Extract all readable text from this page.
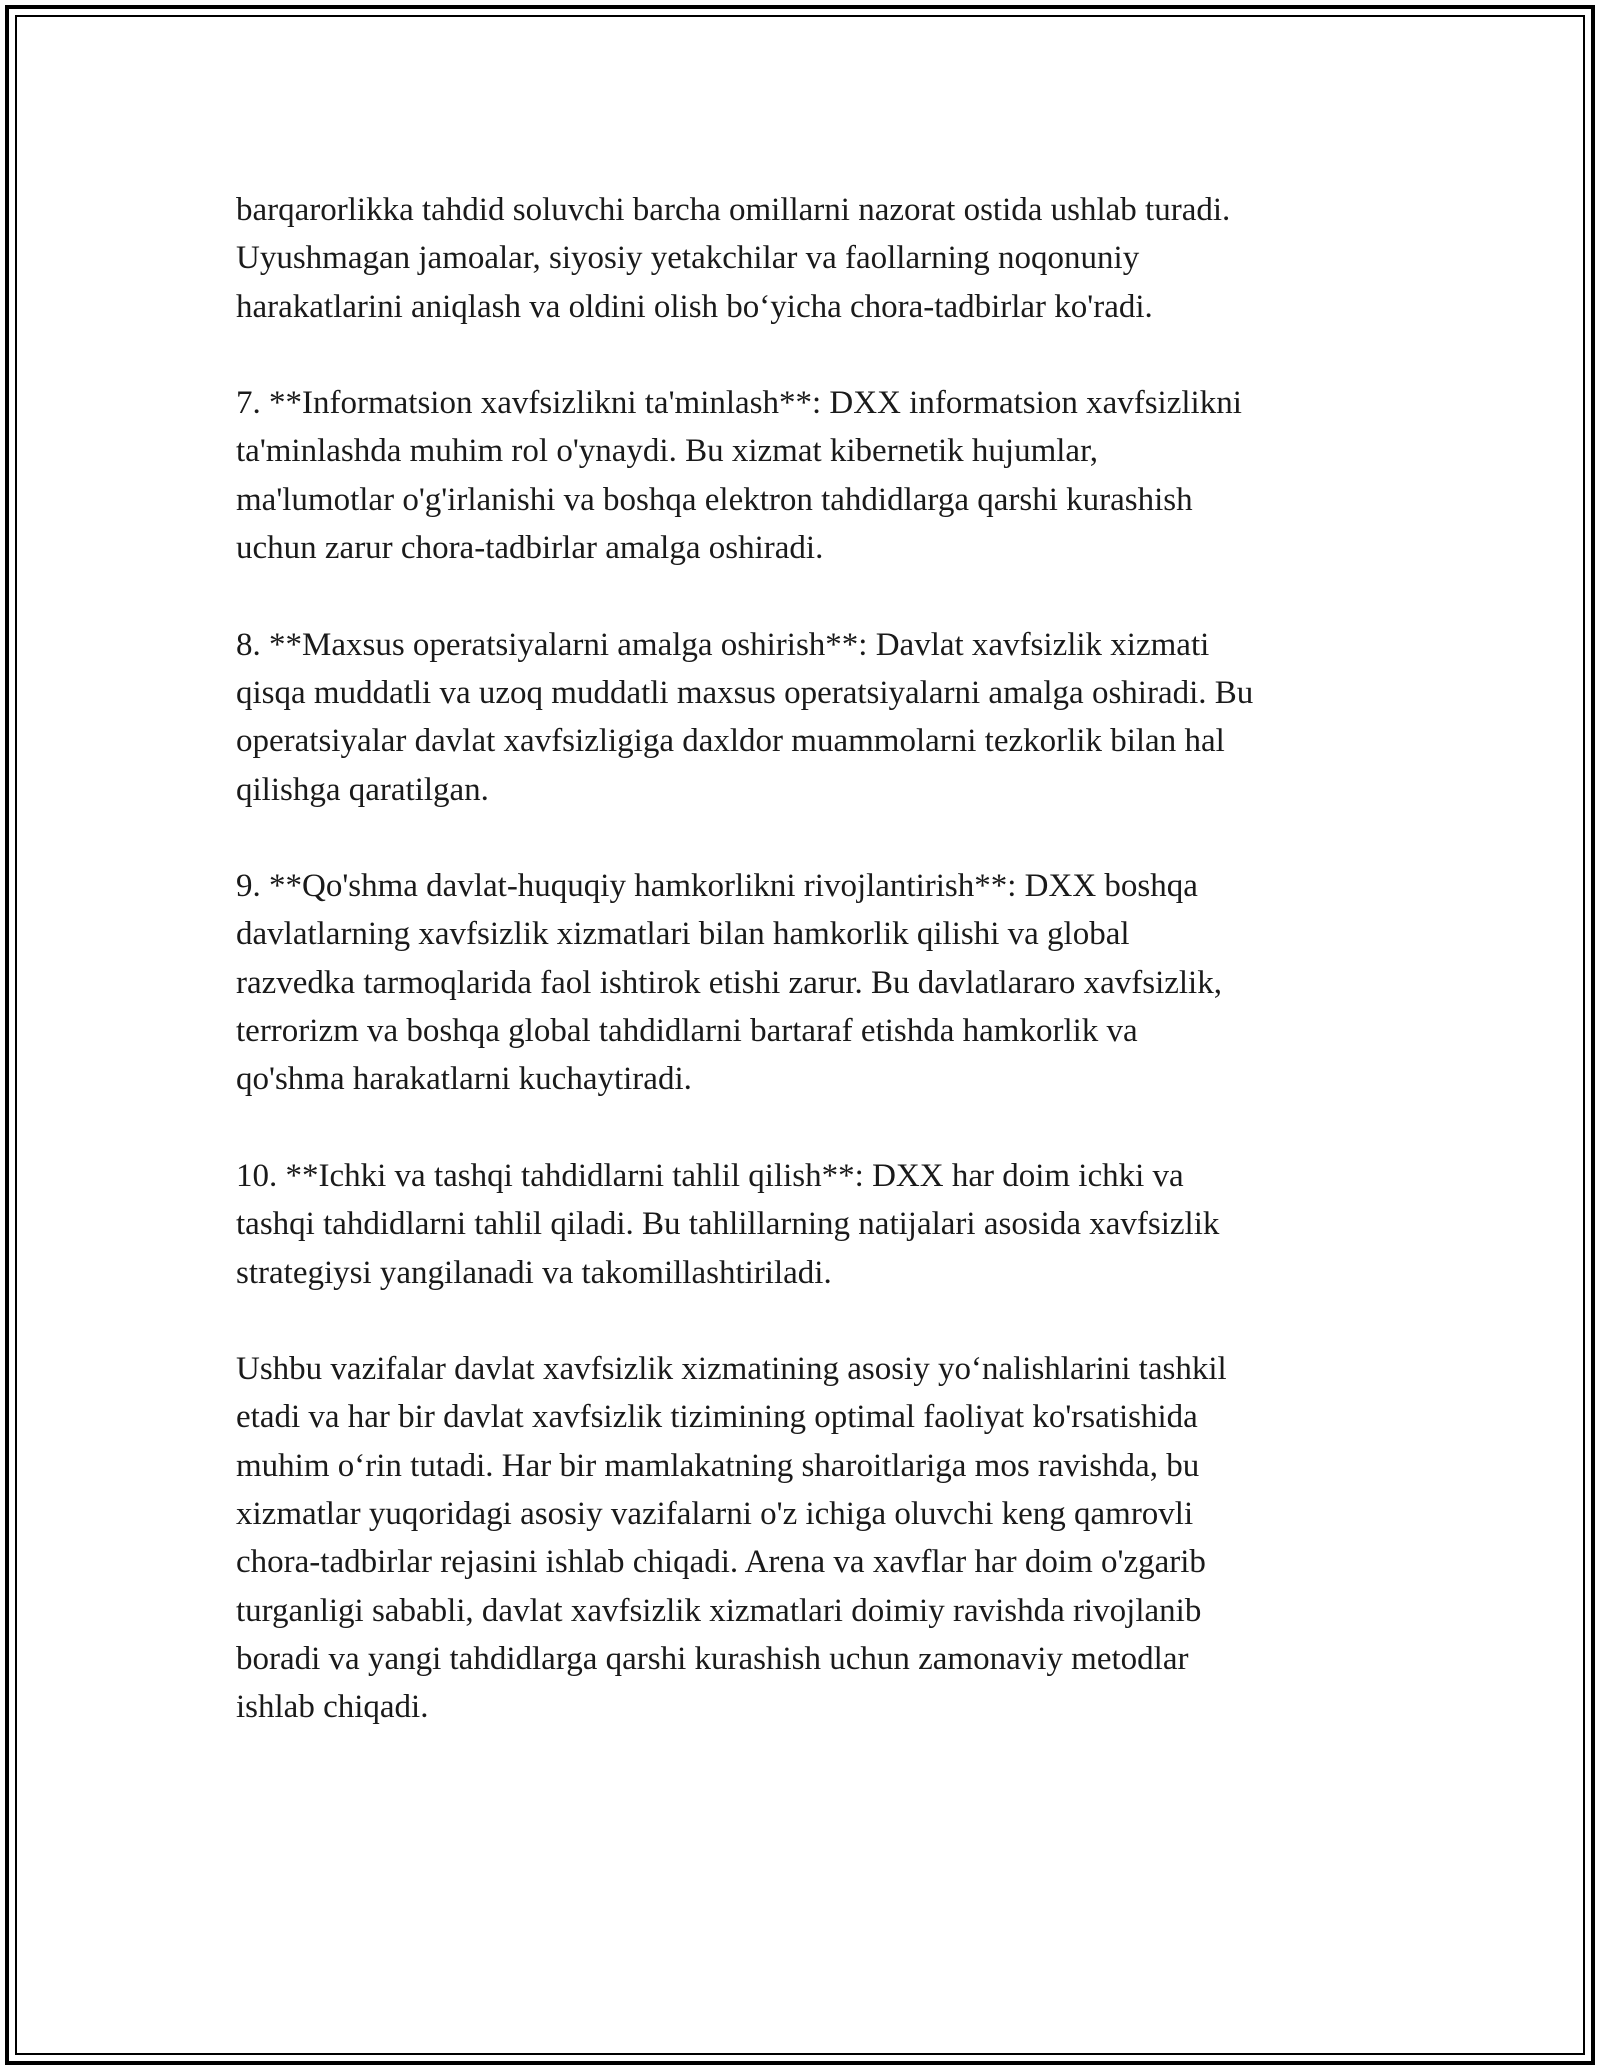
barqarorlikka tahdid soluvchi barcha omillarni nazorat ostida ushlab turadi.
Uyushmagan jamoalar, siyosiy yetakchilar va faollarning noqonuniy
harakatlarini aniqlash va oldini olish bo‘yicha chora-tadbirlar ko'radi.

7. **Informatsion xavfsizlikni ta'minlash**: DXX informatsion xavfsizlikni
ta'minlashda muhim rol o'ynaydi. Bu xizmat kibernetik hujumlar,
ma'lumotlar o'g'irlanishi va boshqa elektron tahdidlarga qarshi kurashish
uchun zarur chora-tadbirlar amalga oshiradi.

8. **Maxsus operatsiyalarni amalga oshirish**: Davlat xavfsizlik xizmati
qisqa muddatli va uzoq muddatli maxsus operatsiyalarni amalga oshiradi. Bu
operatsiyalar davlat xavfsizligiga daxldor muammolarni tezkorlik bilan hal
qilishga qaratilgan.

9. **Qo'shma davlat-huquqiy hamkorlikni rivojlantirish**: DXX boshqa
davlatlarning xavfsizlik xizmatlari bilan hamkorlik qilishi va global
razvedka tarmoqlarida faol ishtirok etishi zarur. Bu davlatlararo xavfsizlik,
terrorizm va boshqa global tahdidlarni bartaraf etishda hamkorlik va
qo'shma harakatlarni kuchaytiradi.

10. **Ichki va tashqi tahdidlarni tahlil qilish**: DXX har doim ichki va
tashqi tahdidlarni tahlil qiladi. Bu tahlillarning natijalari asosida xavfsizlik
strategiysi yangilanadi va takomillashtiriladi.

Ushbu vazifalar davlat xavfsizlik xizmatining asosiy yo‘nalishlarini tashkil
etadi va har bir davlat xavfsizlik tizimining optimal faoliyat ko'rsatishida
muhim o‘rin tutadi. Har bir mamlakatning sharoitlariga mos ravishda, bu
xizmatlar yuqoridagi asosiy vazifalarni o'z ichiga oluvchi keng qamrovli
chora-tadbirlar rejasini ishlab chiqadi. Arena va xavflar har doim o'zgarib
turganligi sababli, davlat xavfsizlik xizmatlari doimiy ravishda rivojlanib
boradi va yangi tahdidlarga qarshi kurashish uchun zamonaviy metodlar
ishlab chiqadi.
